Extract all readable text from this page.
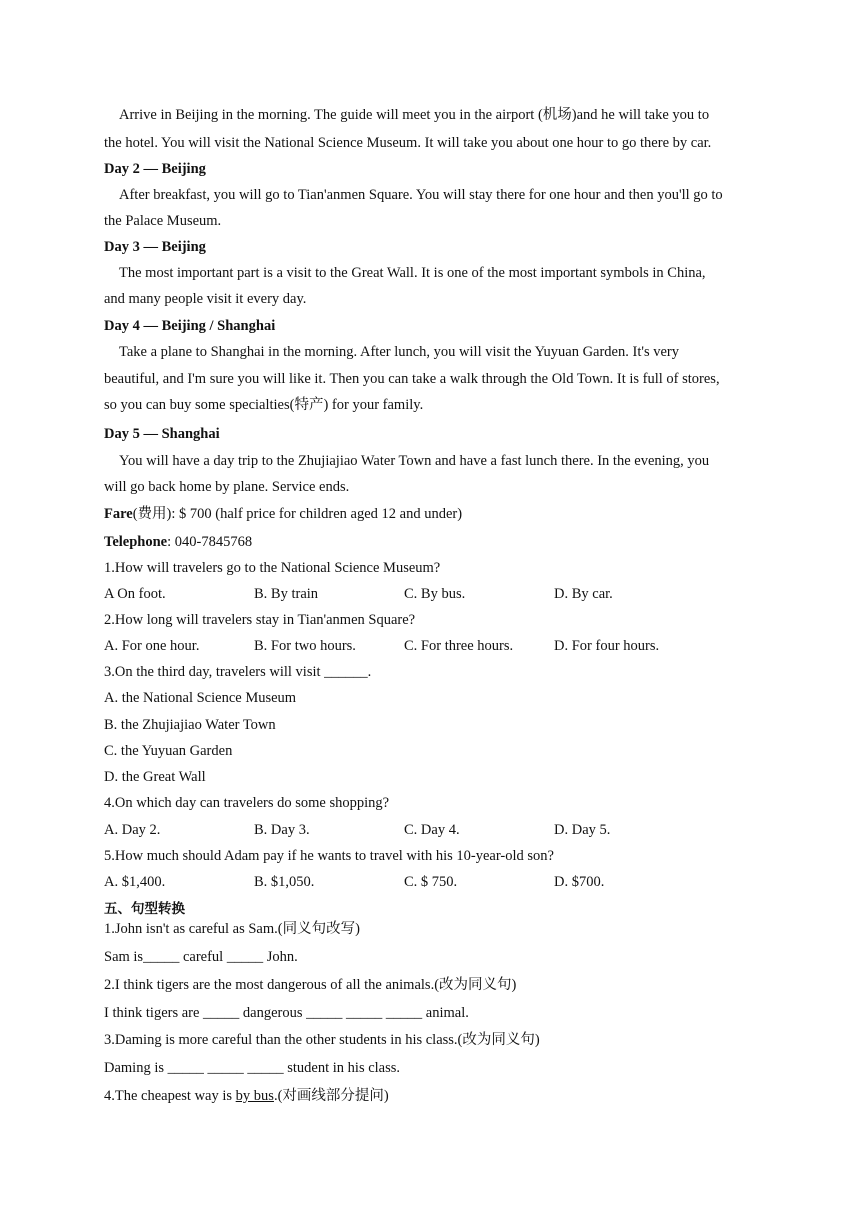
Arrive in Beijing in the morning. The guide will meet you in the airport (机场)and he will take you to
the hotel. You will visit the National Science Museum. It will take you about one hour to go there by car.
Day 2 — Beijing
After breakfast, you will go to Tian'anmen Square. You will stay there for one hour and then you'll go to
the Palace Museum.
Day 3 — Beijing
The most important part is a visit to the Great Wall. It is one of the most important symbols in China,
and many people visit it every day.
Day 4 — Beijing / Shanghai
Take a plane to Shanghai in the morning. After lunch, you will visit the Yuyuan Garden. It's very
beautiful, and I'm sure you will like it. Then you can take a walk through the Old Town. It is full of stores,
so you can buy some specialties(特产) for your family.
Day 5 — Shanghai
You will have a day trip to the Zhujiajiao Water Town and have a fast lunch there. In the evening, you
will go back home by plane. Service ends.
Fare(费用): $ 700 (half price for children aged 12 and under)
Telephone: 040-7845768
1.How will travelers go to the National Science Museum?
A On foot.	B. By train	C. By bus.	D. By car.
2.How long will travelers stay in Tian'anmen Square?
A. For one hour.	B. For two hours.	C. For three hours.	D. For four hours.
3.On the third day, travelers will visit ______.
A. the National Science Museum
B. the Zhujiajiao Water Town
C. the Yuyuan Garden
D. the Great Wall
4.On which day can travelers do some shopping?
A. Day 2.	B. Day 3.	C. Day 4.	D. Day 5.
5.How much should Adam pay if he wants to travel with his 10-year-old son?
A. $1,400.	B. $1,050.	C. $ 750.	D. $700.
五、句型转换
1.John isn't as careful as Sam.(同义句改写)
Sam is_____ careful _____ John.
2.I think tigers are the most dangerous of all the animals.(改为同义句)
I think tigers are _____ dangerous _____ _____ _____ animal.
3.Daming is more careful than the other students in his class.(改为同义句)
Daming is _____ _____ _____ student in his class.
4.The cheapest way is by bus.(对画线部分提问)
